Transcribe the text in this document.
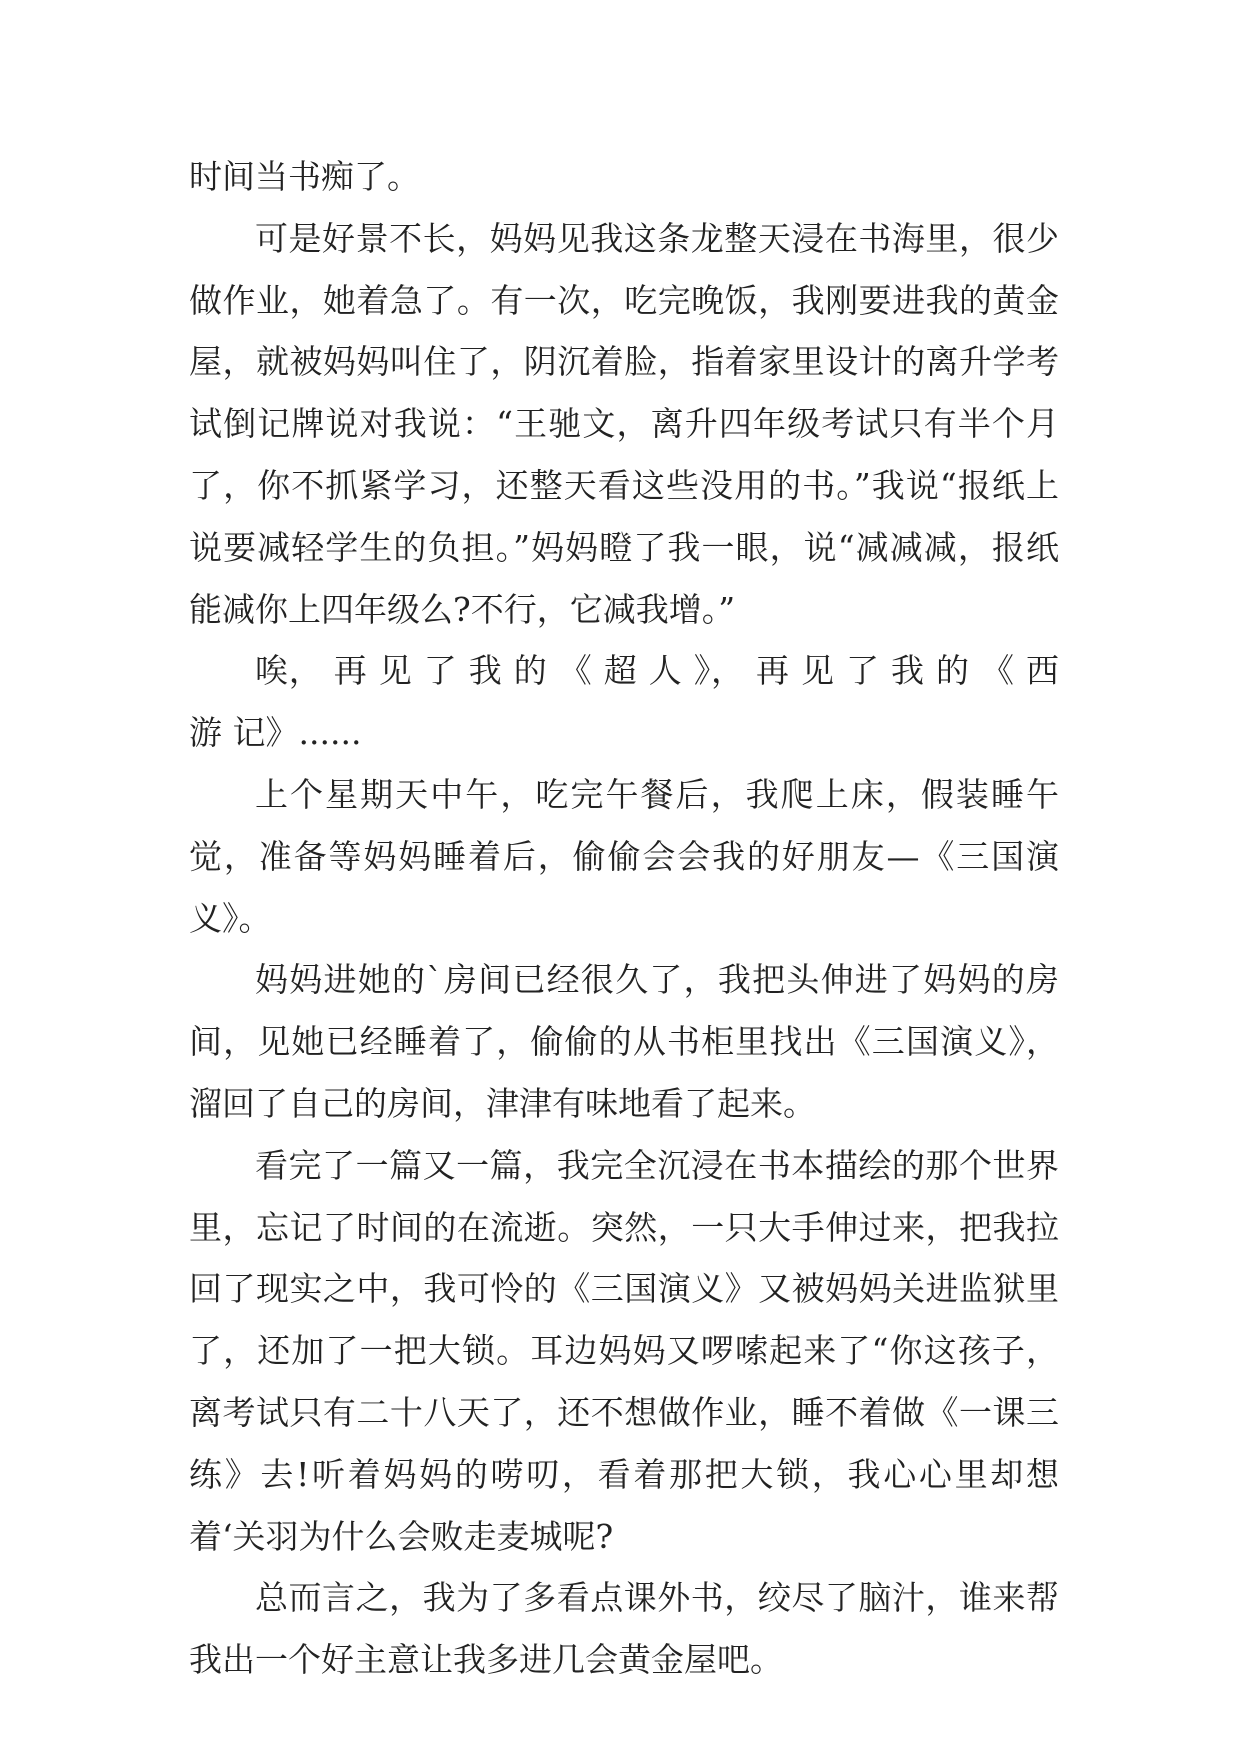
时间当书痴了。

可是好景不长，妈妈见我这条龙整天浸在书海里，很少做作业，她着急了。有一次，吃完晚饭，我刚要进我的黄金屋，就被妈妈叫住了，阴沉着脸，指着家里设计的离升学考试倒记牌说对我说：“王驰文，离升四年级考试只有半个月了，你不抓紧学习，还整天看这些没用的书。”我说“报纸上说要减轻学生的负担。”妈妈瞪了我一眼，说“减减减，报纸能减你上四年级么?不行，它减我增。”

唉， 再 见 了 我 的 《 超 人 》， 再 见 了 我 的 《 西 游 记》......

上个星期天中午，吃完午餐后，我爬上床，假装睡午觉，准备等妈妈睡着后，偷偷会会我的好朋友—《三国演义》。

妈妈进她的`房间已经很久了，我把头伸进了妈妈的房间，见她已经睡着了，偷偷的从书柜里找出《三国演义》，溜回了自己的房间，津津有味地看了起来。

看完了一篇又一篇，我完全沉浸在书本描绘的那个世界里，忘记了时间的在流逝。突然，一只大手伸过来，把我拉回了现实之中，我可怜的《三国演义》又被妈妈关进监狱里了，还加了一把大锁。耳边妈妈又啰嗦起来了“你这孩子，离考试只有二十八天了，还不想做作业，睡不着做《一课三练》去!听着妈妈的唠叨，看着那把大锁，我心心里却想着‘关羽为什么会败走麦城呢?

总而言之，我为了多看点课外书，绞尽了脑汁，谁来帮我出一个好主意让我多进几会黄金屋吧。
